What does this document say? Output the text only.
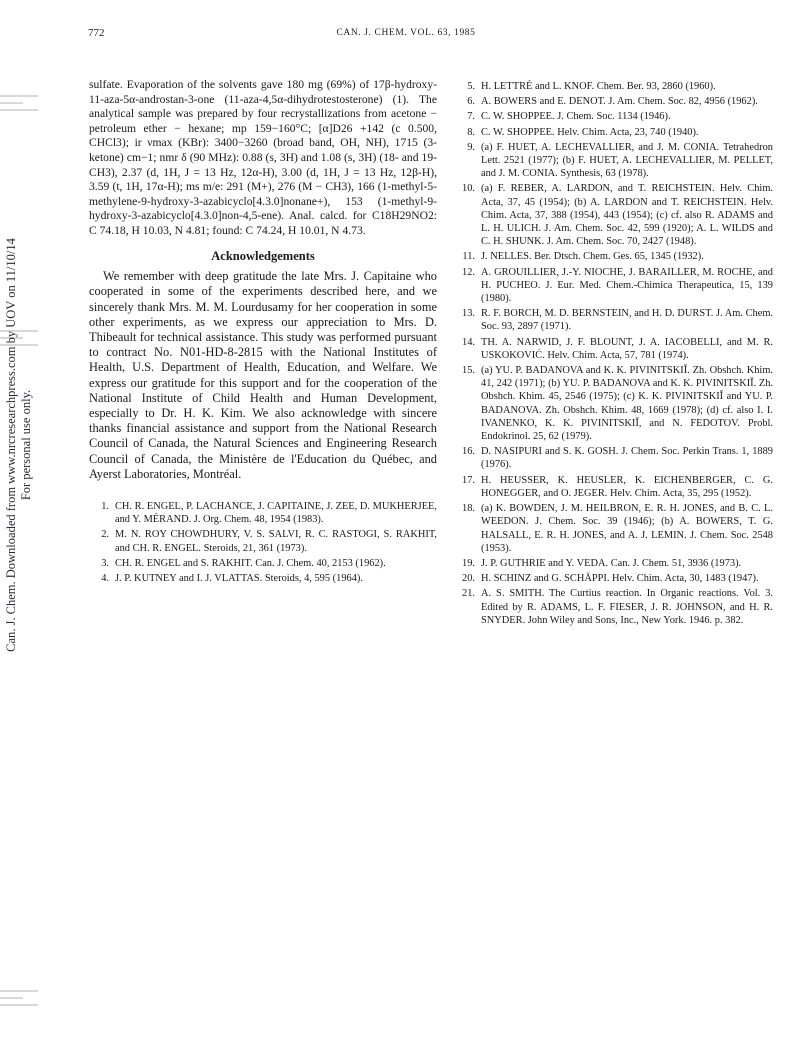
772	CAN. J. CHEM. VOL. 63, 1985
Can. J. Chem. Downloaded from www.nrcresearchpress.com by UOV on 11/10/14 For personal use only.

sulfate. Evaporation of the solvents gave 180 mg (69%) of 17β-hydroxy-11-aza-5α-androstan-3-one (11-aza-4,5α-dihydrotestosterone) (1). The analytical sample was prepared by four recrystallizations from acetone − petroleum ether − hexane; mp 159−160°C; [α]D26 +142 (c 0.500, CHCl3); ir νmax (KBr): 3400−3260 (broad band, OH, NH), 1715 (3-ketone) cm−1; nmr δ (90 MHz): 0.88 (s, 3H) and 1.08 (s, 3H) (18- and 19-CH3), 2.37 (d, 1H, J = 13 Hz, 12α-H), 3.00 (d, 1H, J = 13 Hz, 12β-H), 3.59 (t, 1H, 17α-H); ms m/e: 291 (M+), 276 (M − CH3), 166 (1-methyl-5-methylene-9-hydroxy-3-azabicyclo[4.3.0]nonane+), 153 (1-methyl-9-hydroxy-3-azabicyclo[4.3.0]non-4,5-ene). Anal. calcd. for C18H29NO2: C 74.18, H 10.03, N 4.81; found: C 74.24, H 10.01, N 4.73.

Acknowledgements

We remember with deep gratitude the late Mrs. J. Capitaine who cooperated in some of the experiments described here, and we sincerely thank Mrs. M. M. Lourdusamy for her cooperation in some other experiments, as we express our appreciation to Mrs. D. Thibeault for technical assistance. This study was performed pursuant to contract No. N01-HD-8-2815 with the National Institutes of Health, U.S. Department of Health, Education, and Welfare. We express our gratitude for this support and for the cooperation of the National Institute of Child Health and Human Development, especially to Dr. H. K. Kim. We also acknowledge with sincere thanks financial assistance and support from the National Research Council of Canada, the Natural Sciences and Engineering Research Council of Canada, the Ministère de l'Education du Québec, and Ayerst Laboratories, Montréal.

1. CH. R. ENGEL, P. LACHANCE, J. CAPITAINE, J. ZEE, D. MUKHERJEE, and Y. MÉRAND. J. Org. Chem. 48, 1954 (1983).
2. M. N. ROY CHOWDHURY, V. S. SALVI, R. C. RASTOGI, S. RAKHIT, and CH. R. ENGEL. Steroids, 21, 361 (1973).
3. CH. R. ENGEL and S. RAKHIT. Can. J. Chem. 40, 2153 (1962).
4. J. P. KUTNEY and I. J. VLATTAS. Steroids, 4, 595 (1964).
5. H. LETTRÉ and L. KNOF. Chem. Ber. 93, 2860 (1960).
6. A. BOWERS and E. DENOT. J. Am. Chem. Soc. 82, 4956 (1962).
7. C. W. SHOPPEE. J. Chem. Soc. 1134 (1946).
8. C. W. SHOPPEE. Helv. Chim. Acta, 23, 740 (1940).
9. (a) F. HUET, A. LECHEVALLIER, and J. M. CONIA. Tetrahedron Lett. 2521 (1977); (b) F. HUET, A. LECHEVALLIER, M. PELLET, and J. M. CONIA. Synthesis, 63 (1978).
10. (a) F. REBER, A. LARDON, and T. REICHSTEIN. Helv. Chim. Acta, 37, 45 (1954); (b) A. LARDON and T. REICHSTEIN. Helv. Chim. Acta, 37, 388 (1954), 443 (1954); (c) cf. also R. ADAMS and L. H. ULICH. J. Am. Chem. Soc. 42, 599 (1920); A. L. WILDS and C. H. SHUNK. J. Am. Chem. Soc. 70, 2427 (1948).
11. J. NELLES. Ber. Dtsch. Chem. Ges. 65, 1345 (1932).
12. A. GROUILLIER, J.-Y. NIOCHE, J. BARAILLER, M. ROCHE, and H. PUCHEO. J. Eur. Med. Chem.-Chimica Therapeutica, 15, 139 (1980).
13. R. F. BORCH, M. D. BERNSTEIN, and H. D. DURST. J. Am. Chem. Soc. 93, 2897 (1971).
14. TH. A. NARWID, J. F. BLOUNT, J. A. IACOBELLI, and M. R. USKOKOVIĆ. Helv. Chim. Acta, 57, 781 (1974).
15. (a) YU. P. BADANOVA and K. K. PIVINITSKIĬ. Zh. Obshch. Khim. 41, 242 (1971); (b) YU. P. BADANOVA and K. K. PIVINITSKIĬ. Zh. Obshch. Khim. 45, 2546 (1975); (c) K. K. PIVINITSKIĬ and YU. P. BADANOVA. Zh. Obshch. Khim. 48, 1669 (1978); (d) cf. also I. I. IVANENKO, K. K. PIVINITSKIĬ, and N. FEDOTOV. Probl. Endokrinol. 25, 62 (1979).
16. D. NASIPURI and S. K. GOSH. J. Chem. Soc. Perkin Trans. 1, 1889 (1976).
17. H. HEUSSER, K. HEUSLER, K. EICHENBERGER, C. G. HONEGGER, and O. JEGER. Helv. Chim. Acta, 35, 295 (1952).
18. (a) K. BOWDEN, J. M. HEILBRON, E. R. H. JONES, and B. C. L. WEEDON. J. Chem. Soc. 39 (1946); (b) A. BOWERS, T. G. HALSALL, E. R. H. JONES, and A. J. LEMIN. J. Chem. Soc. 2548 (1953).
19. J. P. GUTHRIE and Y. VEDA. Can. J. Chem. 51, 3936 (1973).
20. H. SCHINZ and G. SCHÄPPI. Helv. Chim. Acta, 30, 1483 (1947).
21. A. S. SMITH. The Curtius reaction. In Organic reactions. Vol. 3. Edited by R. ADAMS, L. F. FIESER, J. R. JOHNSON, and H. R. SNYDER. John Wiley and Sons, Inc., New York. 1946. p. 382.
